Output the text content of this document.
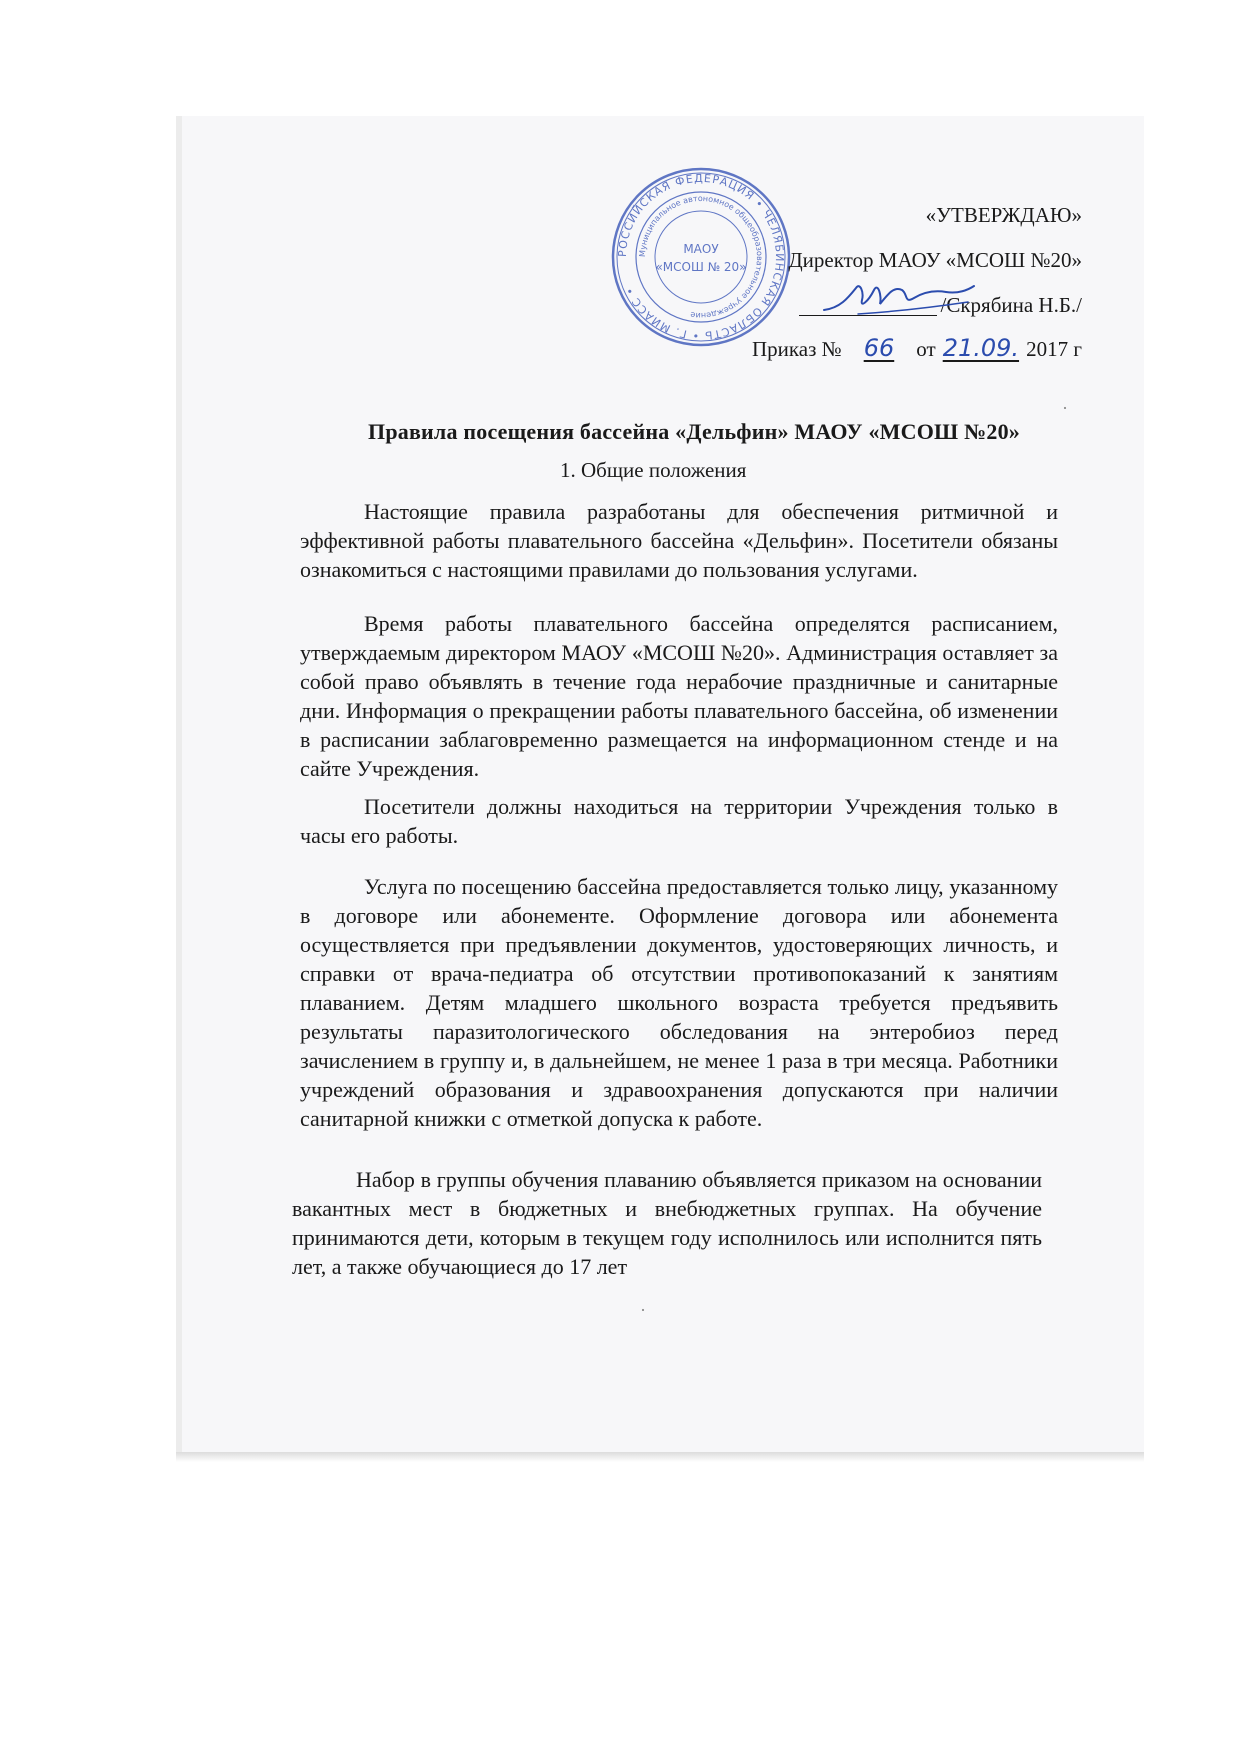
РОССИЙСКАЯ ФЕДЕРАЦИЯ • ЧЕЛЯБИНСКАЯ ОБЛАСТЬ • Г. МИАСС •
Муниципальное автономное общеобразовательное учреждение
МАОУ
«МСОШ № 20»
«УТВЕРЖДАЮ»
Директор МАОУ «МСОШ №20»
/Скрябина Н.Б./
Приказ № 66 от 21.09. 2017 г
Правила посещения бассейна «Дельфин» МАОУ «МСОШ №20»
1. Общие положения

Настоящие правила разработаны для обеспечения ритмичной и эффективной работы плавательного бассейна «Дельфин». Посетители обязаны ознакомиться с настоящими правилами до пользования услугами.

Время работы плавательного бассейна определятся расписанием, утверждаемым директором МАОУ «МСОШ №20». Администрация оставляет за собой право объявлять в течение года нерабочие праздничные и санитарные дни. Информация о прекращении работы плавательного бассейна, об изменении в расписании заблаговременно размещается на информационном стенде и на сайте Учреждения.

Посетители должны находиться на территории Учреждения только в часы его работы.

Услуга по посещению бассейна предоставляется только лицу, указанному в договоре или абонементе. Оформление договора или абонемента осуществляется при предъявлении документов, удостоверяющих личность, и справки от врача-педиатра об отсутствии противопоказаний к занятиям плаванием. Детям младшего школьного возраста требуется предъявить результаты паразитологического обследования на энтеробиоз перед зачислением в группу и, в дальнейшем, не менее 1 раза в три месяца. Работники учреждений образования и здравоохранения допускаются при наличии санитарной книжки с отметкой допуска к работе.

Набор в группы обучения плаванию объявляется приказом на основании вакантных мест в бюджетных и внебюджетных группах. На обучение принимаются дети, которым в текущем году исполнилось или исполнится пять лет, а также обучающиеся до 17 лет

·
·
